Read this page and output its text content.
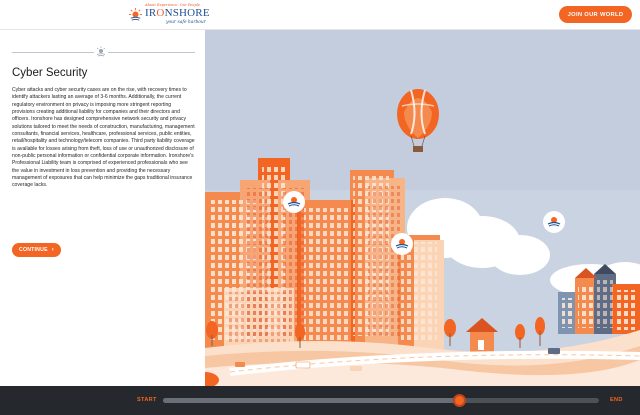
About Experience. Our People.
IRONSHORE
your safe harbour
JOIN OUR WORLD
Cyber Security
Cyber attacks and cyber security cases are on the rise, with recovery times to identify attackers lasting an average of 3-6 months. Additionally, the current regulatory environment on privacy is imposing more stringent reporting provisions creating additional liability for companies and their directors and officers. Ironshore has designed comprehensive network security and privacy solutions tailored to meet the needs of construction, manufacturing, management consultants, financial services, healthcare, professional services, public entities, retail/hospitality and technology/telecom companies. Third party liability coverage is available for losses arising from theft, loss of use or unauthorized disclosure of non-public personal information or confidential corporate information. Ironshore's Professional Liability team is comprised of experienced professionals who see the value in investment in loss prevention and providing the necessary management of exposures that can help minimize the gaps traditional insurance coverage lacks.
CONTINUE ›
START	END
